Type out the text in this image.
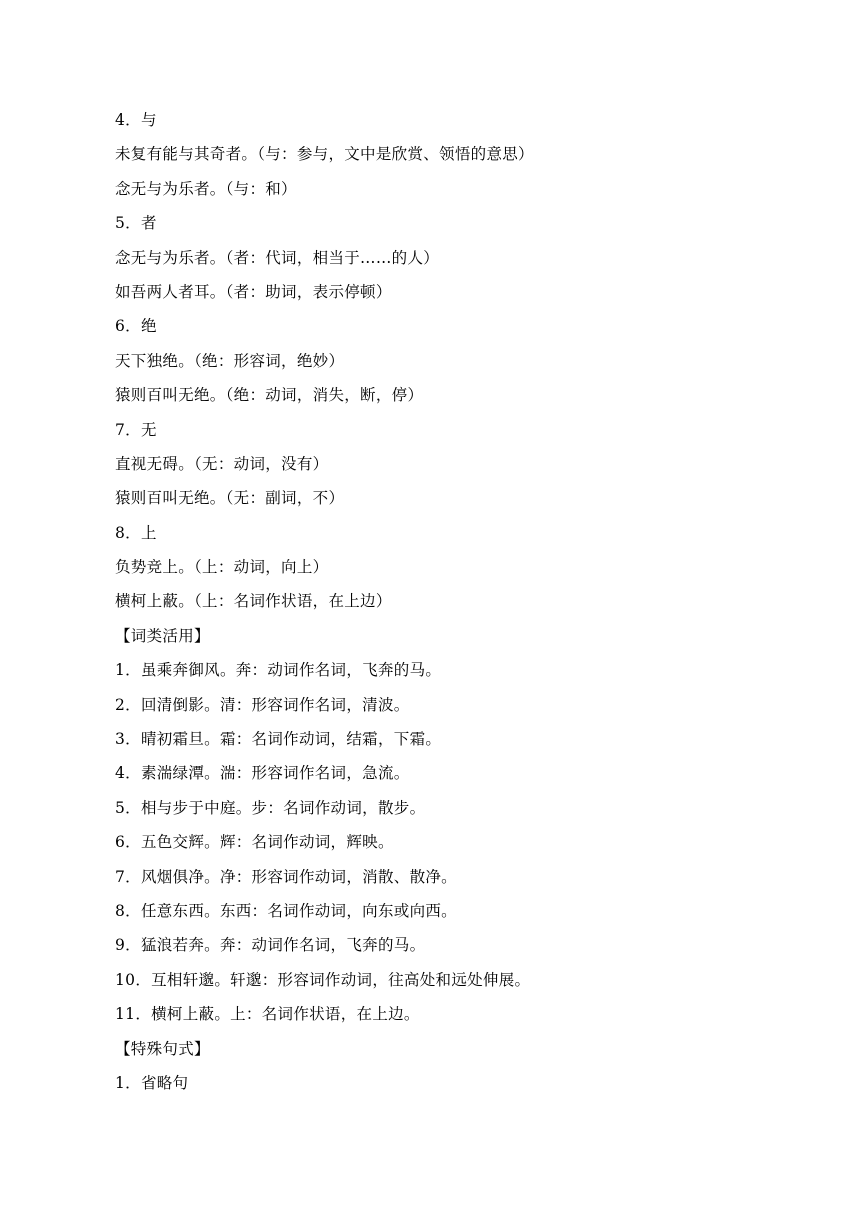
4．与
未复有能与其奇者。（与：参与，文中是欣赏、领悟的意思）
念无与为乐者。（与：和）
5．者
念无与为乐者。（者：代词，相当于……的人）
如吾两人者耳。（者：助词，表示停顿）
6．绝
天下独绝。（绝：形容词，绝妙）
猿则百叫无绝。（绝：动词，消失，断，停）
7．无
直视无碍。（无：动词，没有）
猿则百叫无绝。（无：副词，不）
8．上
负势竞上。（上：动词，向上）
横柯上蔽。（上：名词作状语，在上边）
【词类活用】
1．虽乘奔御风。奔：动词作名词，飞奔的马。
2．回清倒影。清：形容词作名词，清波。
3．晴初霜旦。霜：名词作动词，结霜，下霜。
4．素湍绿潭。湍：形容词作名词，急流。
5．相与步于中庭。步：名词作动词，散步。
6．五色交辉。辉：名词作动词，辉映。
7．风烟俱净。净：形容词作动词，消散、散净。
8．任意东西。东西：名词作动词，向东或向西。
9．猛浪若奔。奔：动词作名词，飞奔的马。
10．互相轩邈。轩邈：形容词作动词，往高处和远处伸展。
11．横柯上蔽。上：名词作状语，在上边。
【特殊句式】
1．省略句
